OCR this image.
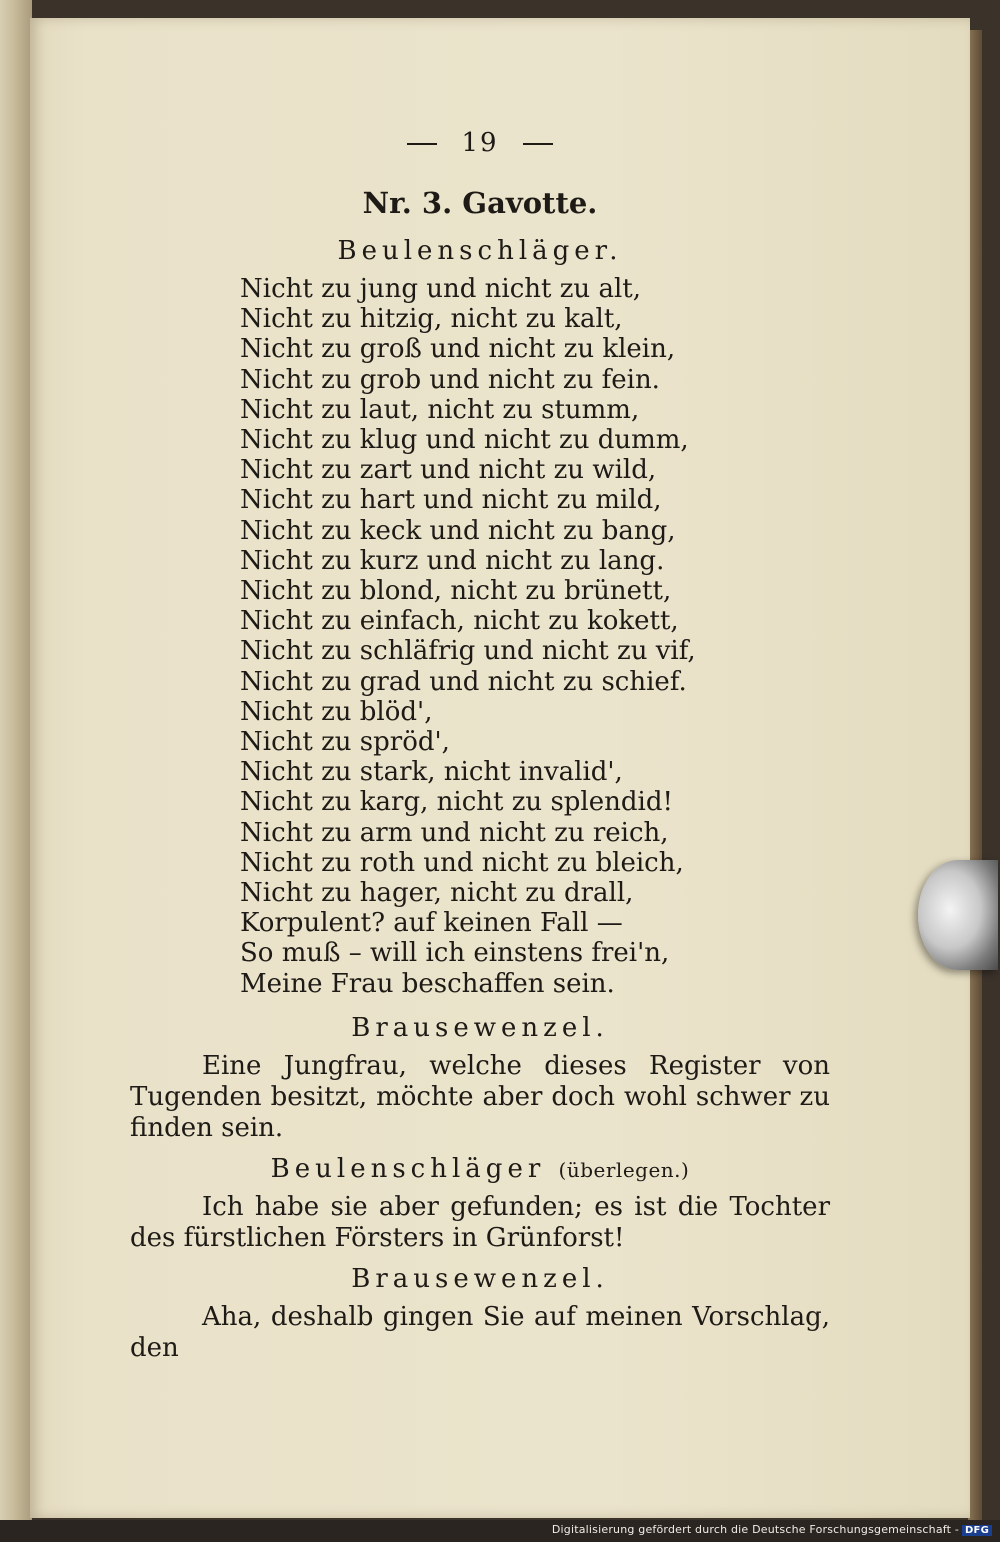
19
Nr. 3. Gavotte.
Beulenschläger.
Nicht zu jung und nicht zu alt,
Nicht zu hitzig, nicht zu kalt,
Nicht zu groß und nicht zu klein,
Nicht zu grob und nicht zu fein.
Nicht zu laut, nicht zu stumm,
Nicht zu klug und nicht zu dumm,
Nicht zu zart und nicht zu wild,
Nicht zu hart und nicht zu mild,
Nicht zu keck und nicht zu bang,
Nicht zu kurz und nicht zu lang.
Nicht zu blond, nicht zu brünett,
Nicht zu einfach, nicht zu kokett,
Nicht zu schläfrig und nicht zu vif,
Nicht zu grad und nicht zu schief.
Nicht zu blöd',
Nicht zu spröd',
Nicht zu stark, nicht invalid',
Nicht zu karg, nicht zu splendid!
Nicht zu arm und nicht zu reich,
Nicht zu roth und nicht zu bleich,
Nicht zu hager, nicht zu drall,
Korpulent? auf keinen Fall —
So muß – will ich einstens frei'n,
Meine Frau beschaffen sein.
Brausewenzel.
Eine Jungfrau, welche dieses Register von Tugenden besitzt, möchte aber doch wohl schwer zu finden sein.
Beulenschläger (überlegen.)
Ich habe sie aber gefunden; es ist die Tochter des fürstlichen Försters in Grünforst!
Brausewenzel.
Aha, deshalb gingen Sie auf meinen Vorschlag, den
Digitalisierung gefördert durch die Deutsche Forschungsgemeinschaft - DFG
